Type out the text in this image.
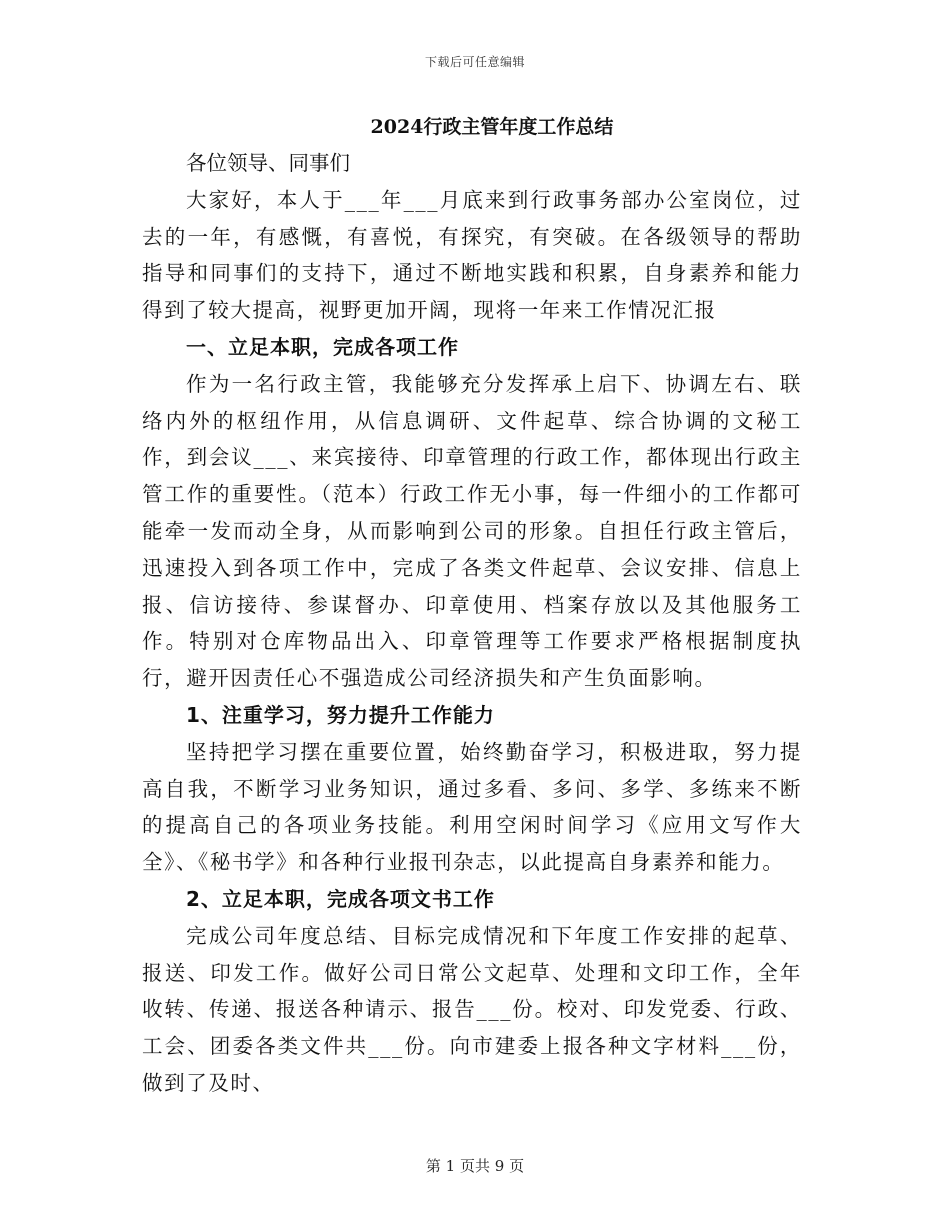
下载后可任意编辑
2024行政主管年度工作总结

各位领导、同事们

大家好，本人于___年___月底来到行政事务部办公室岗位，过去的一年，有感慨，有喜悦，有探究，有突破。在各级领导的帮助指导和同事们的支持下，通过不断地实践和积累，自身素养和能力得到了较大提高，视野更加开阔，现将一年来工作情况汇报

一、立足本职，完成各项工作

作为一名行政主管，我能够充分发挥承上启下、协调左右、联络内外的枢纽作用，从信息调研、文件起草、综合协调的文秘工作，到会议___、来宾接待、印章管理的行政工作，都体现出行政主管工作的重要性。（范本）行政工作无小事，每一件细小的工作都可能牵一发而动全身，从而影响到公司的形象。自担任行政主管后，迅速投入到各项工作中，完成了各类文件起草、会议安排、信息上报、信访接待、参谋督办、印章使用、档案存放以及其他服务工作。特别对仓库物品出入、印章管理等工作要求严格根据制度执行，避开因责任心不强造成公司经济损失和产生负面影响。

1、注重学习，努力提升工作能力

坚持把学习摆在重要位置，始终勤奋学习，积极进取，努力提高自我，不断学习业务知识，通过多看、多问、多学、多练来不断的提高自己的各项业务技能。利用空闲时间学习《应用文写作大全》、《秘书学》和各种行业报刊杂志，以此提高自身素养和能力。

2、立足本职，完成各项文书工作

完成公司年度总结、目标完成情况和下年度工作安排的起草、报送、印发工作。做好公司日常公文起草、处理和文印工作，全年收转、传递、报送各种请示、报告___份。校对、印发党委、行政、工会、团委各类文件共___份。向市建委上报各种文字材料___份，做到了及时、

第 1 页共 9 页
